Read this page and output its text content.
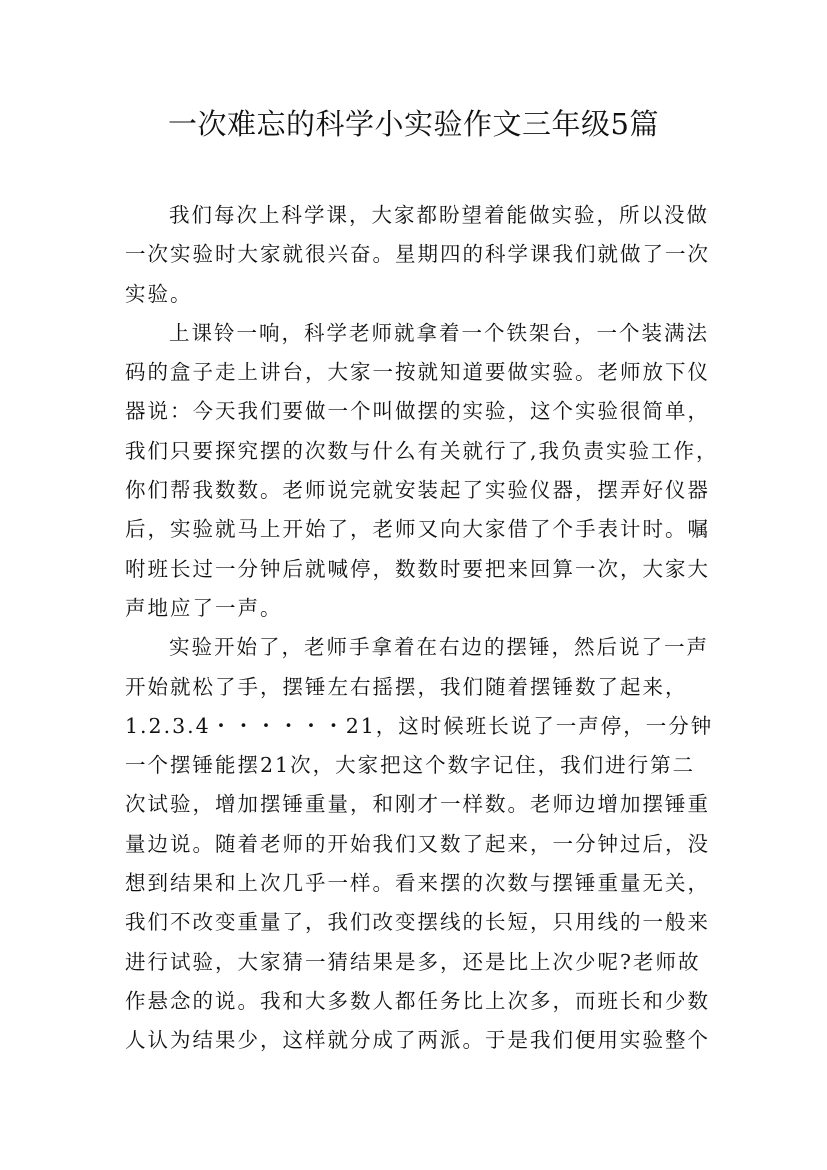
一次难忘的科学小实验作文三年级5篇
我们每次上科学课，大家都盼望着能做实验，所以没做
一次实验时大家就很兴奋。星期四的科学课我们就做了一次
实验。
上课铃一响，科学老师就拿着一个铁架台，一个装满法
码的盒子走上讲台，大家一按就知道要做实验。老师放下仪
器说：今天我们要做一个叫做摆的实验，这个实验很简单，
我们只要探究摆的次数与什么有关就行了,我负责实验工作，
你们帮我数数。老师说完就安装起了实验仪器，摆弄好仪器
后，实验就马上开始了，老师又向大家借了个手表计时。嘱
咐班长过一分钟后就喊停，数数时要把来回算一次，大家大
声地应了一声。
实验开始了，老师手拿着在右边的摆锤，然后说了一声
开始就松了手，摆锤左右摇摆，我们随着摆锤数了起来，
1.2.3.4・・・・・・21，这时候班长说了一声停，一分钟
一个摆锤能摆21次，大家把这个数字记住，我们进行第二
次试验，增加摆锤重量，和刚才一样数。老师边增加摆锤重
量边说。随着老师的开始我们又数了起来，一分钟过后，没
想到结果和上次几乎一样。看来摆的次数与摆锤重量无关，
我们不改变重量了，我们改变摆线的长短，只用线的一般来
进行试验，大家猜一猜结果是多，还是比上次少呢?老师故
作悬念的说。我和大多数人都任务比上次多，而班长和少数
人认为结果少，这样就分成了两派。于是我们便用实验整个
